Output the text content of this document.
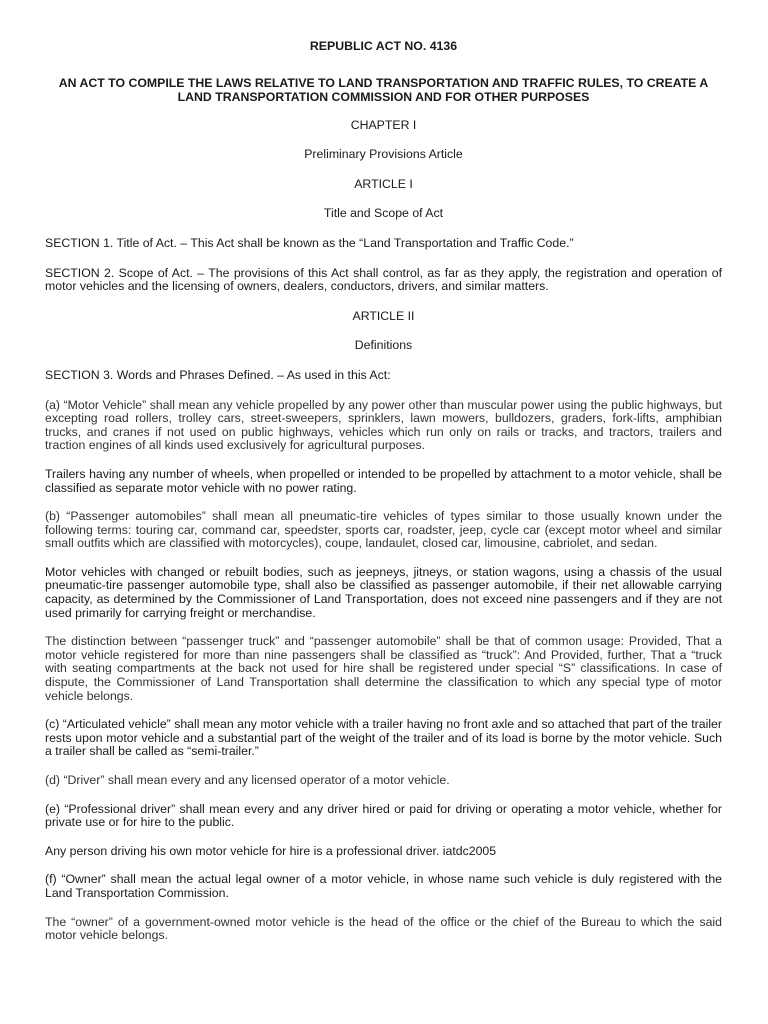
REPUBLIC ACT NO. 4136

AN ACT TO COMPILE THE LAWS RELATIVE TO LAND TRANSPORTATION AND TRAFFIC RULES, TO CREATE A LAND TRANSPORTATION COMMISSION AND FOR OTHER PURPOSES

CHAPTER I

Preliminary Provisions Article

ARTICLE I

Title and Scope of Act

SECTION 1. Title of Act. – This Act shall be known as the “Land Transportation and Traffic Code.”

SECTION 2. Scope of Act. – The provisions of this Act shall control, as far as they apply, the registration and operation of motor vehicles and the licensing of owners, dealers, conductors, drivers, and similar matters.

ARTICLE II

Definitions

SECTION 3. Words and Phrases Defined. – As used in this Act:

(a) “Motor Vehicle” shall mean any vehicle propelled by any power other than muscular power using the public highways, but excepting road rollers, trolley cars, street-sweepers, sprinklers, lawn mowers, bulldozers, graders, fork-lifts, amphibian trucks, and cranes if not used on public highways, vehicles which run only on rails or tracks, and tractors, trailers and traction engines of all kinds used exclusively for agricultural purposes.

Trailers having any number of wheels, when propelled or intended to be propelled by attachment to a motor vehicle, shall be classified as separate motor vehicle with no power rating.

(b) “Passenger automobiles” shall mean all pneumatic-tire vehicles of types similar to those usually known under the following terms: touring car, command car, speedster, sports car, roadster, jeep, cycle car (except motor wheel and similar small outfits which are classified with motorcycles), coupe, landaulet, closed car, limousine, cabriolet, and sedan.

Motor vehicles with changed or rebuilt bodies, such as jeepneys, jitneys, or station wagons, using a chassis of the usual pneumatic-tire passenger automobile type, shall also be classified as passenger automobile, if their net allowable carrying capacity, as determined by the Commissioner of Land Transportation, does not exceed nine passengers and if they are not used primarily for carrying freight or merchandise.

The distinction between “passenger truck” and “passenger automobile” shall be that of common usage: Provided, That a motor vehicle registered for more than nine passengers shall be classified as “truck”: And Provided, further, That a “truck with seating compartments at the back not used for hire shall be registered under special “S” classifications. In case of dispute, the Commissioner of Land Transportation shall determine the classification to which any special type of motor vehicle belongs.

(c) “Articulated vehicle” shall mean any motor vehicle with a trailer having no front axle and so attached that part of the trailer rests upon motor vehicle and a substantial part of the weight of the trailer and of its load is borne by the motor vehicle. Such a trailer shall be called as “semi-trailer.”

(d) “Driver” shall mean every and any licensed operator of a motor vehicle.

(e) “Professional driver” shall mean every and any driver hired or paid for driving or operating a motor vehicle, whether for private use or for hire to the public.

Any person driving his own motor vehicle for hire is a professional driver. iatdc2005

(f) “Owner” shall mean the actual legal owner of a motor vehicle, in whose name such vehicle is duly registered with the Land Transportation Commission.

The “owner” of a government-owned motor vehicle is the head of the office or the chief of the Bureau to which the said motor vehicle belongs.
